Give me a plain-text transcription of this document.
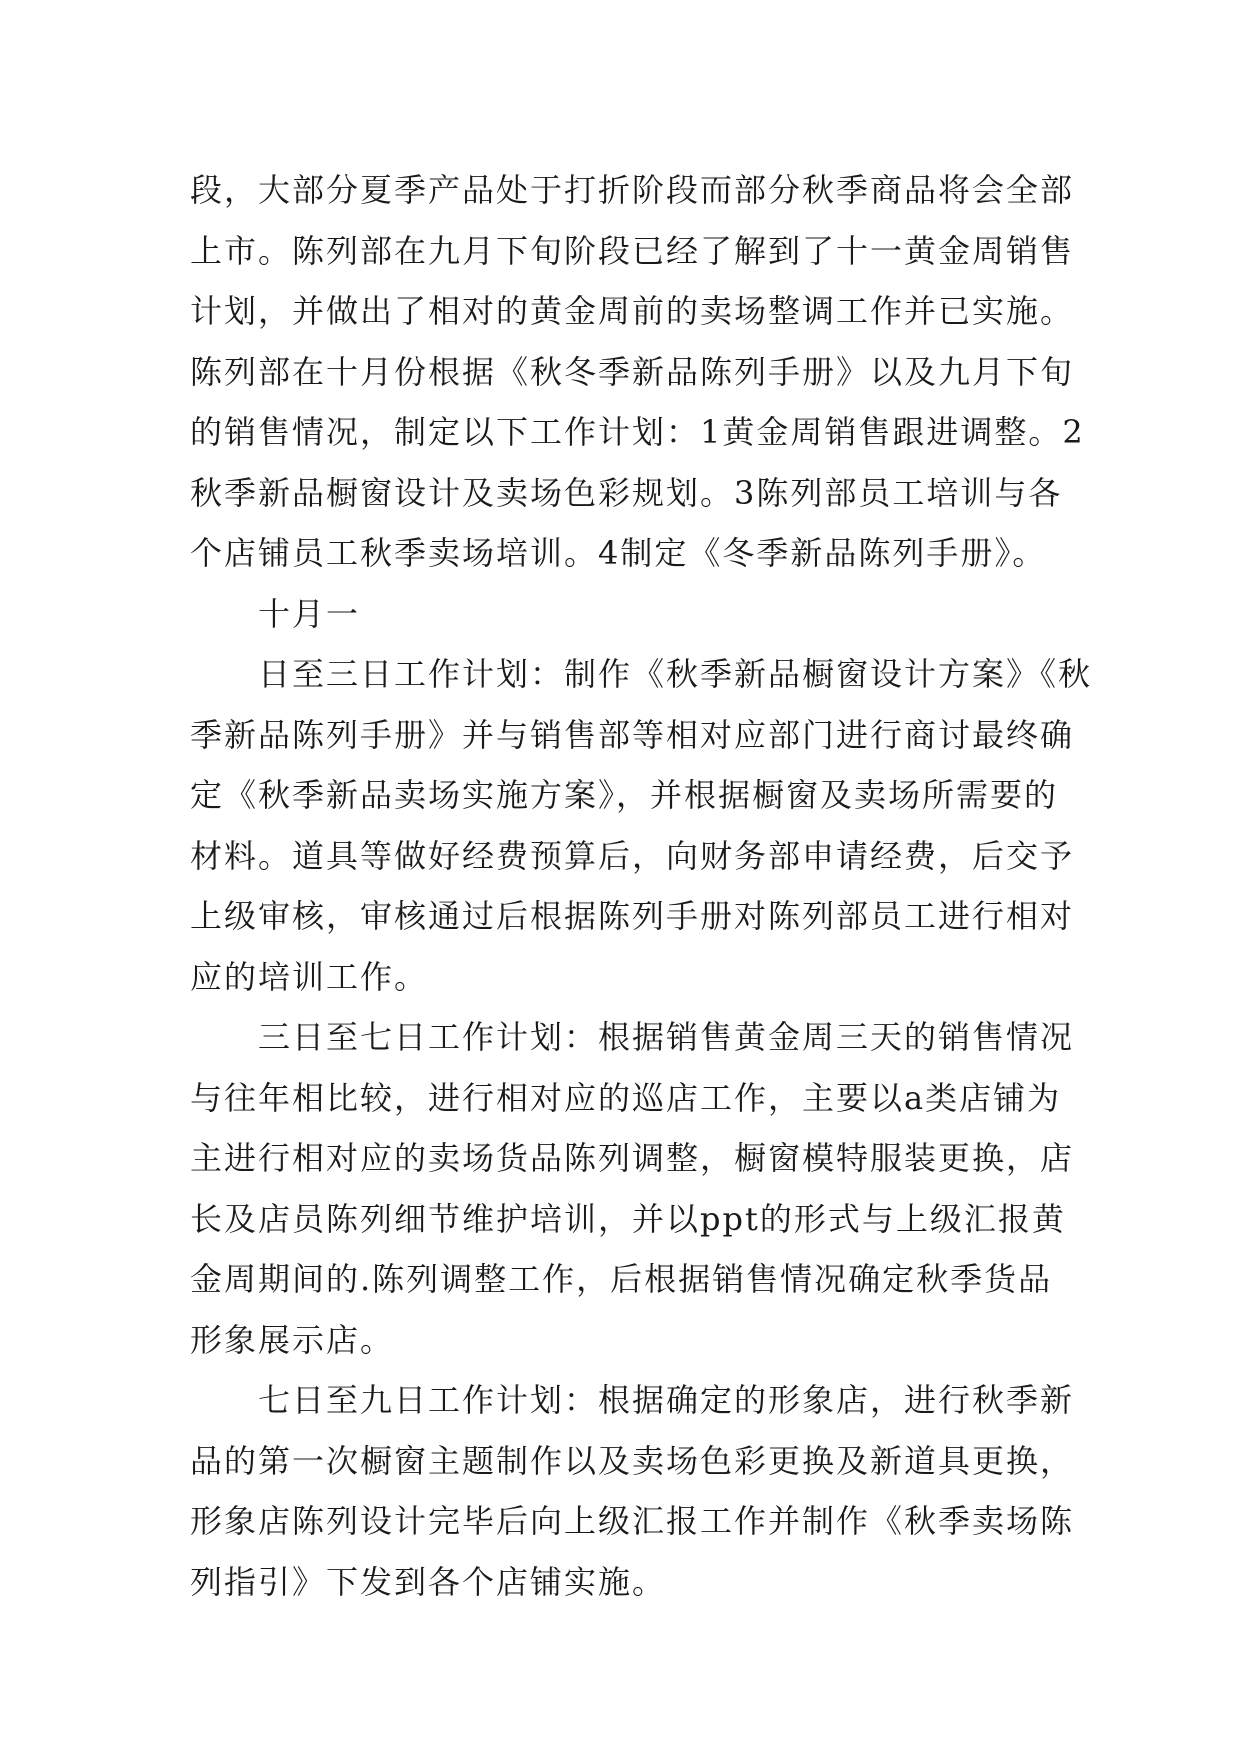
段，大部分夏季产品处于打折阶段而部分秋季商品将会全部
上市。陈列部在九月下旬阶段已经了解到了十一黄金周销售
计划，并做出了相对的黄金周前的卖场整调工作并已实施。
陈列部在十月份根据《秋冬季新品陈列手册》以及九月下旬
的销售情况，制定以下工作计划：1黄金周销售跟进调整。2
秋季新品橱窗设计及卖场色彩规划。3陈列部员工培训与各
个店铺员工秋季卖场培训。4制定《冬季新品陈列手册》。
十月一
日至三日工作计划：制作《秋季新品橱窗设计方案》《秋
季新品陈列手册》并与销售部等相对应部门进行商讨最终确
定《秋季新品卖场实施方案》，并根据橱窗及卖场所需要的
材料。道具等做好经费预算后，向财务部申请经费，后交予
上级审核，审核通过后根据陈列手册对陈列部员工进行相对
应的培训工作。
三日至七日工作计划：根据销售黄金周三天的销售情况
与往年相比较，进行相对应的巡店工作，主要以a类店铺为
主进行相对应的卖场货品陈列调整，橱窗模特服装更换，店
长及店员陈列细节维护培训，并以ppt的形式与上级汇报黄
金周期间的.陈列调整工作，后根据销售情况确定秋季货品
形象展示店。
七日至九日工作计划：根据确定的形象店，进行秋季新
品的第一次橱窗主题制作以及卖场色彩更换及新道具更换，
形象店陈列设计完毕后向上级汇报工作并制作《秋季卖场陈
列指引》下发到各个店铺实施。
